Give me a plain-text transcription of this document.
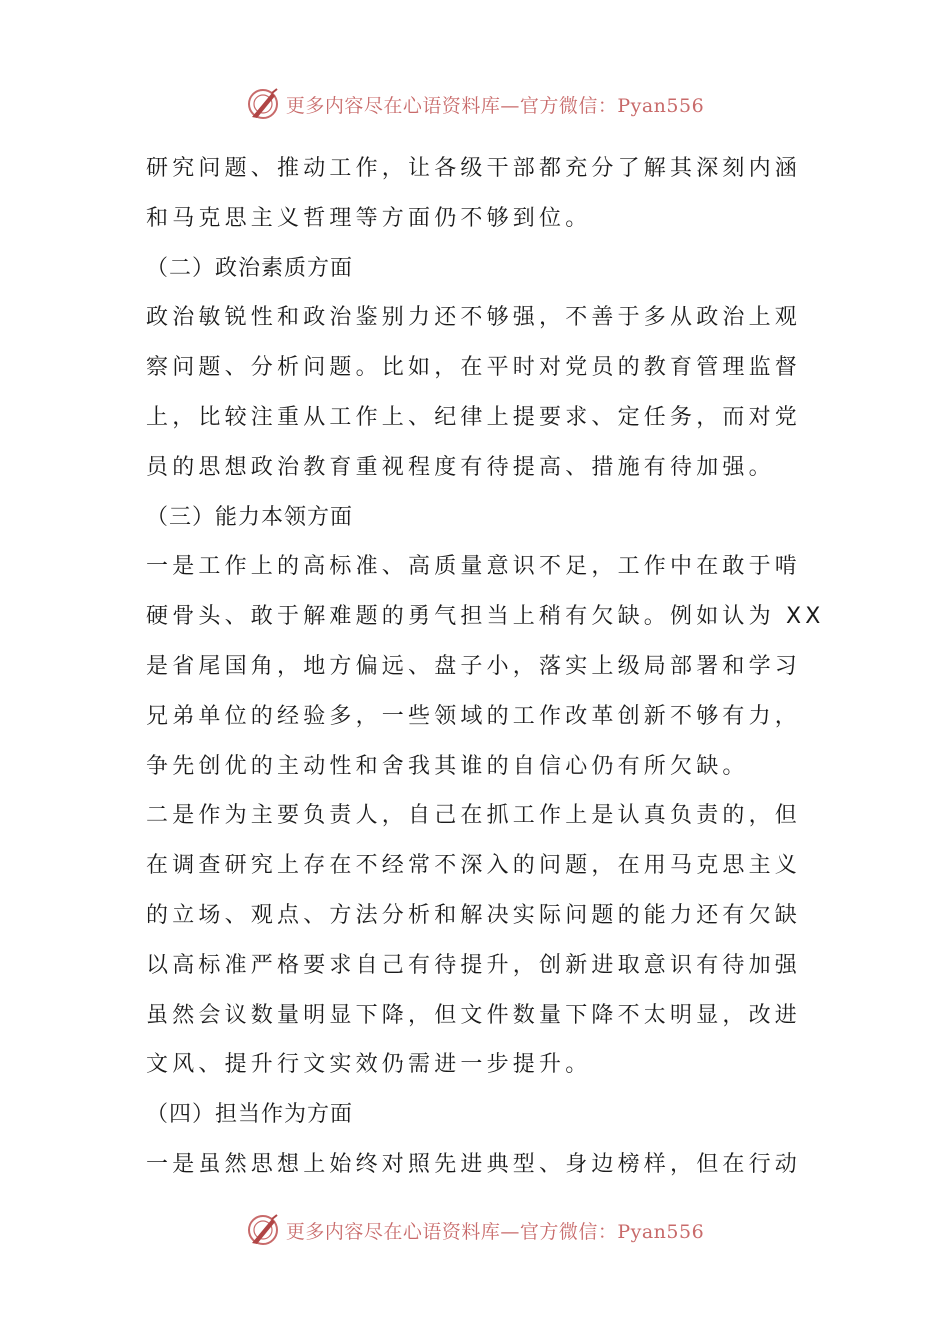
更多内容尽在心语资料库—官方微信：Pyan556
研究问题、推动工作，让各级干部都充分了解其深刻内涵
和马克思主义哲理等方面仍不够到位。
（二）政治素质方面
政治敏锐性和政治鉴别力还不够强，不善于多从政治上观
察问题、分析问题。比如，在平时对党员的教育管理监督
上，比较注重从工作上、纪律上提要求、定任务，而对党
员的思想政治教育重视程度有待提高、措施有待加强。
（三）能力本领方面
一是工作上的高标准、高质量意识不足，工作中在敢于啃
硬骨头、敢于解难题的勇气担当上稍有欠缺。例如认为 XX
是省尾国角，地方偏远、盘子小，落实上级局部署和学习
兄弟单位的经验多，一些领域的工作改革创新不够有力，
争先创优的主动性和舍我其谁的自信心仍有所欠缺。
二是作为主要负责人，自己在抓工作上是认真负责的，但
在调查研究上存在不经常不深入的问题，在用马克思主义
的立场、观点、方法分析和解决实际问题的能力还有欠缺
以高标准严格要求自己有待提升，创新进取意识有待加强
虽然会议数量明显下降，但文件数量下降不太明显，改进
文风、提升行文实效仍需进一步提升。
（四）担当作为方面
一是虽然思想上始终对照先进典型、身边榜样，但在行动
更多内容尽在心语资料库—官方微信：Pyan556
